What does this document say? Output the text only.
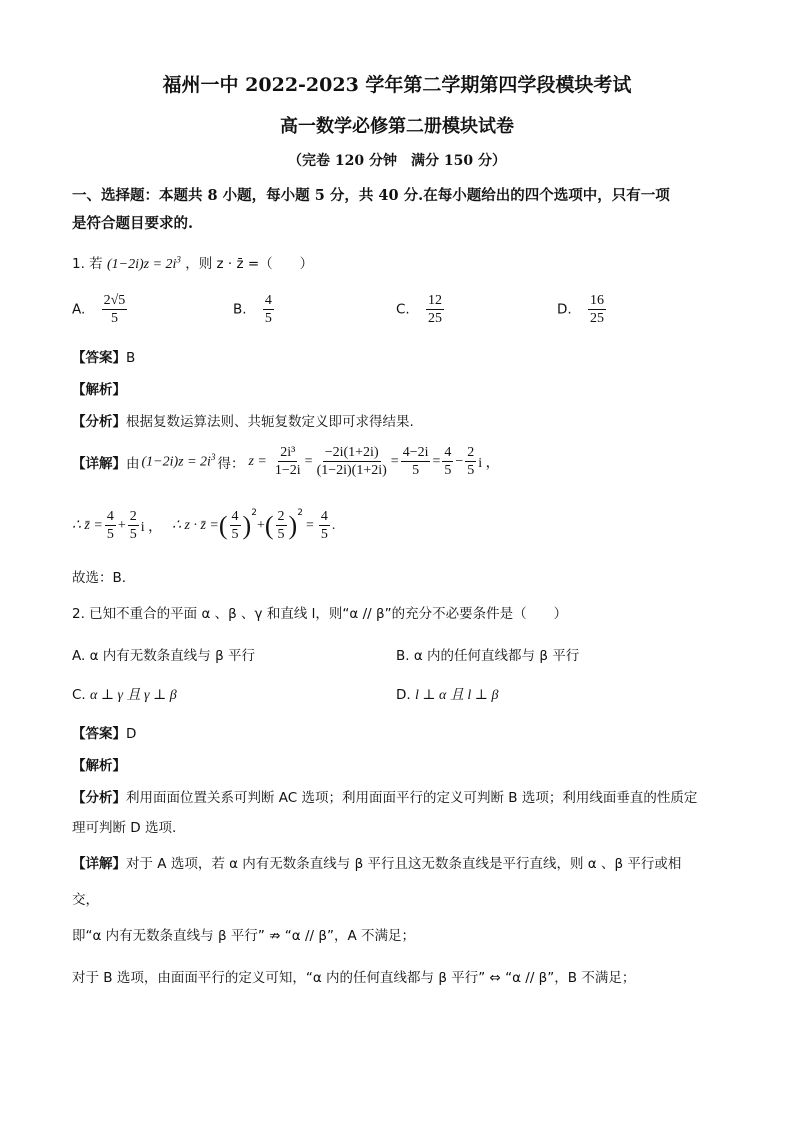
福州一中 2022-2023 学年第二学期第四学段模块考试
高一数学必修第二册模块试卷
（完卷 120 分钟　满分 150 分）
一、选择题：本题共 8 小题，每小题 5 分，共 40 分.在每小题给出的四个选项中，只有一项
是符合题目要求的.
1. 若 $(1-2i)z = 2i^3$ ，则 z · z̄ =（　　）
A. $\frac{2√5}{5}$	B. $\frac{4}{5}$	C. $\frac{12}{25}$	D. $\frac{16}{25}$
【答案】B
【解析】
【分析】根据复数运算法则、共轭复数定义即可求得结果.
【详解】 由 $(1-2i)z = 2i^3$ 得： $z = \frac{\text{2i³}}{1-2i} = \frac{-2i(1+2i)}{(1-2i)(1+2i)} = \frac{4-2i}{5} = \frac{4}{5} - \frac{2}{5}$ i ，
∴ z̄ = $\frac{4}{5} + \frac{2}{5}$ i ， ∴ z · z̄ = ( $\frac{4}{5} )^2$
+ ( $\frac{2}{5} )^2$
= $\frac{4}{5}$ .
故选：B.
2. 已知不重合的平面 α 、β 、γ 和直线 l，则“α // β”的充分不必要条件是（　　）
A. α 内有无数条直线与 β 平行	B. α 内的任何直线都与 β 平行
C. α ⊥ γ 且 γ ⊥ β	D. l ⊥ α 且 l ⊥ β
【答案】D
【解析】
【分析】利用面面位置关系可判断 AC 选项；利用面面平行的定义可判断 B 选项；利用线面垂直的性质定
理可判断 D 选项.
【详解】对于 A 选项，若 α 内有无数条直线与 β 平行且这无数条直线是平行直线，则 α 、β 平行或相
交，
即“α 内有无数条直线与 β 平行” ⇏ “α // β”，A 不满足；
对于 B 选项，由面面平行的定义可知，“α 内的任何直线都与 β 平行” ⇔ “α // β”，B 不满足；
